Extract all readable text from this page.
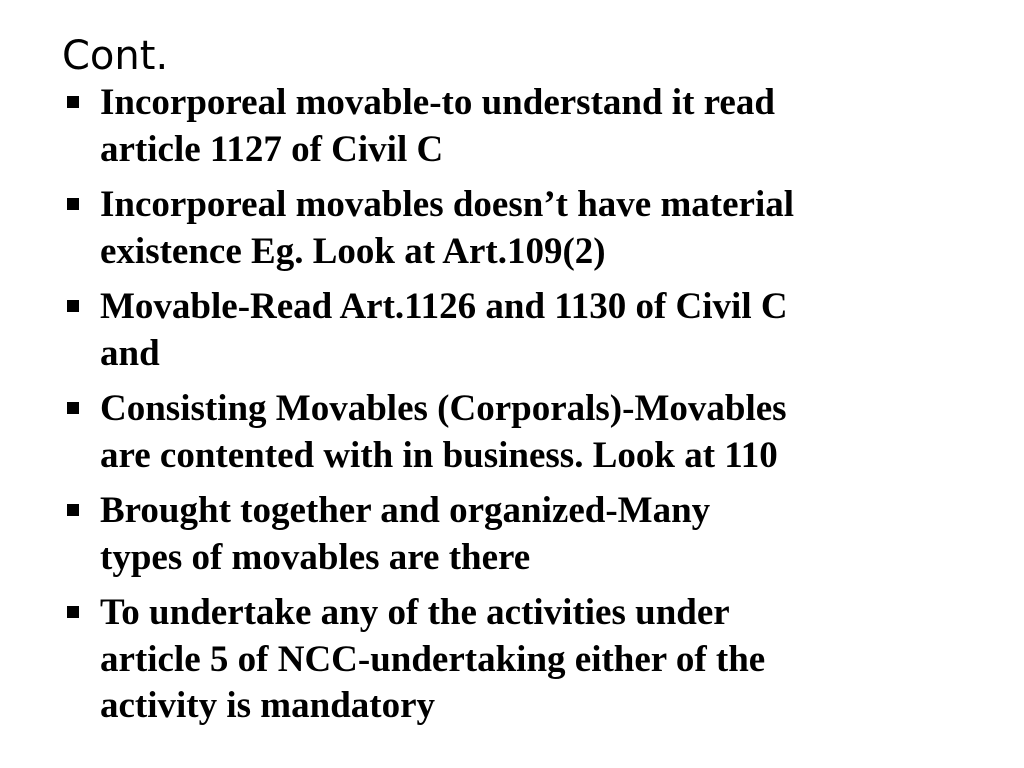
Cont.
Incorporeal movable-to understand it read
article 1127 of Civil C
Incorporeal movables doesn’t have material
existence Eg. Look at Art.109(2)
Movable-Read Art.1126 and 1130 of Civil C
and
Consisting Movables (Corporals)-Movables
are contented with in business. Look at 110
Brought together and organized-Many
types of movables are there
To undertake any of the activities under
article 5 of NCC-undertaking either of the
activity is mandatory
